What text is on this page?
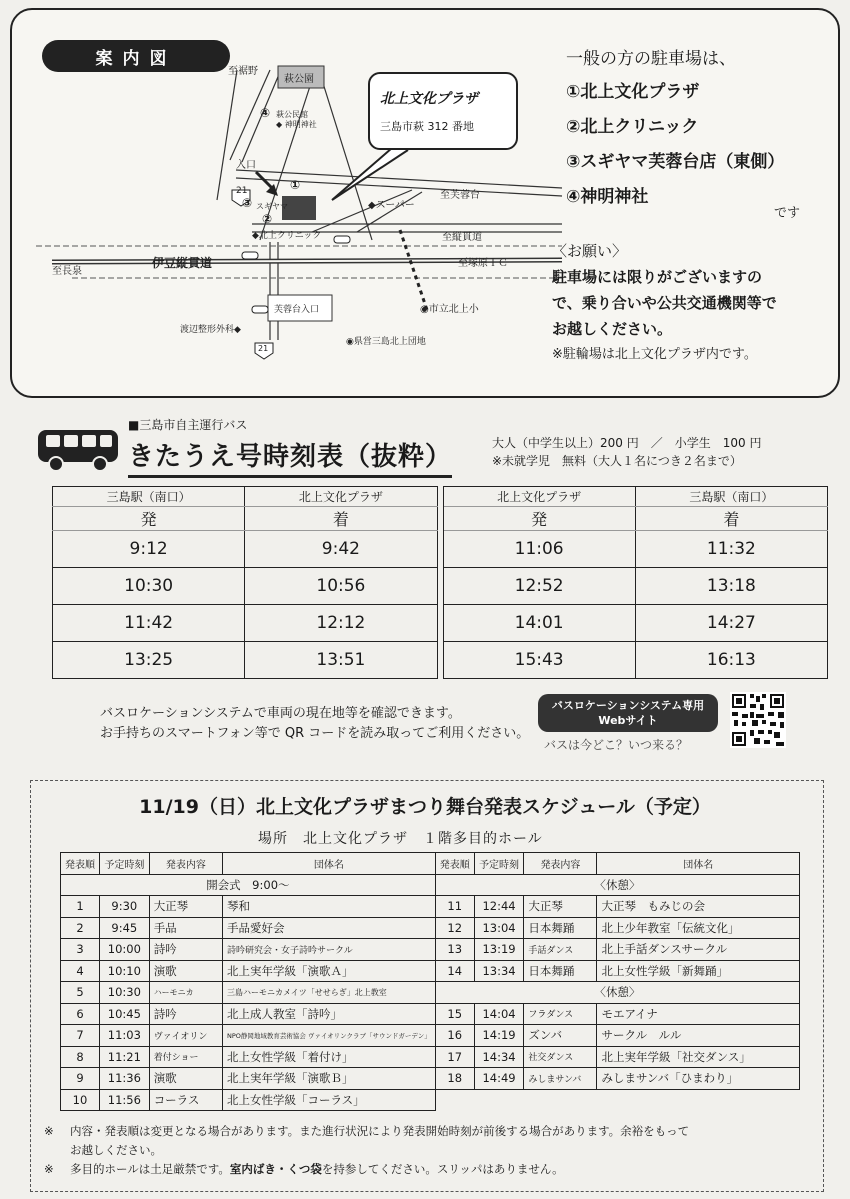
案内図
至裾野
萩公園
④ 萩公民館
◆ 神明神社
入口
①
③ スギヤマ
②
◆北上クリニック
21
◆スーパー
至芙蓉台
至縦貫道
至長泉
伊豆縦貫道	至塚原ＩＣ
◉市立北上小
芙蓉台入口
渡辺整形外科◆
21
◉県営三島北上団地
北上文化プラザ
三島市萩 312 番地
一般の方の駐車場は、
①北上文化プラザ
②北上クリニック
③スギヤマ芙蓉台店（東側）
④神明神社
です
〈お願い〉
駐車場には限りがございますの
で、乗り合いや公共交通機関等で
お越しください。
※駐輪場は北上文化プラザ内です。
■三島市自主運行バス
きたうえ号時刻表（抜粋）	大人（中学生以上）200 円　／　小学生　100 円
※未就学児　無料（大人１名につき２名まで）
三島駅（南口）	北上文化プラザ		北上文化プラザ	三島駅（南口）
発	着		発	着
9:12	9:42		11:06	11:32
10:30	10:56		12:52	13:18
11:42	12:12		14:01	14:27
13:25	13:51		15:43	16:13
バスロケーションシステムで車両の現在地等を確認できます。
お手持ちのスマートフォン等で QR コードを読み取ってご利用ください。
バスロケーションシステム専用
Webサイト
バスは今どこ？いつ来る？
11/19（日）北上文化プラザまつり舞台発表スケジュール（予定）
場所　北上文化プラザ　１階多目的ホール
発表順	予定時刻	発表内容	団体名	発表順	予定時刻	発表内容	団体名
開会式　9:00～				〈休憩〉			
1	9:30	大正琴	琴和	11	12:44	大正琴	大正琴　もみじの会
2	9:45	手品	手品愛好会	12	13:04	日本舞踊	北上少年教室「伝統文化」
3	10:00	詩吟	詩吟研究会・女子詩吟サークル	13	13:19	手話ダンス	北上手話ダンスサークル
4	10:10	演歌	北上実年学級「演歌Ａ」	14	13:34	日本舞踊	北上女性学級「新舞踊」
5	10:30	ハーモニカ	三島ハーモニカメイツ「せせらぎ」北上教室	〈休憩〉			
6	10:45	詩吟	北上成人教室「詩吟」	15	14:04	フラダンス	モエアイナ
7	11:03	ヴァイオリン	NPO静岡地域教育芸術協会 ヴァイオリンクラブ「サウンドガーデン」	16	14:19	ズンバ	サークル　ルル
8	11:21	着付ショー	北上女性学級「着付け」	17	14:34	社交ダンス	北上実年学級「社交ダンス」
9	11:36	演歌	北上実年学級「演歌Ｂ」	18	14:49	みしまサンバ	みしまサンバ「ひまわり」
10	11:56	コーラス	北上女性学級「コーラス」				
※ 内容・発表順は変更となる場合があります。また進行状況により発表開始時刻が前後する場合があります。余裕をもって
お越しください。
※ 多目的ホールは土足厳禁です。室内ばき・くつ袋を持参してください。スリッパはありません。
